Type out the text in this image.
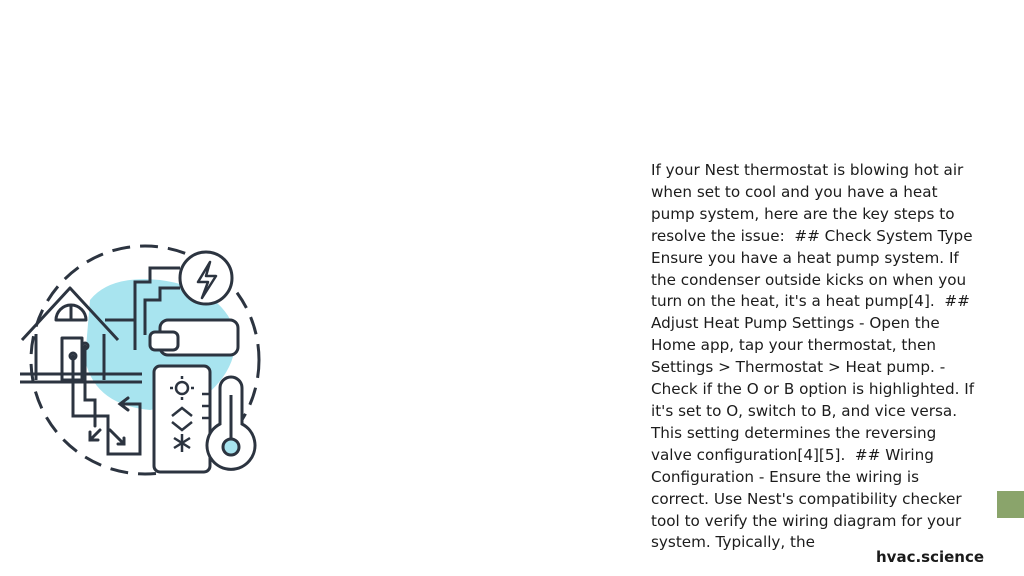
If your Nest thermostat is blowing hot air when set to cool and you have a heat pump system, here are the key steps to resolve the issue:  ## Check System Type Ensure you have a heat pump system. If the condenser outside kicks on when you turn on the heat, it's a heat pump[4].  ## Adjust Heat Pump Settings - Open the Home app, tap your thermostat, then Settings > Thermostat > Heat pump. - Check if the O or B option is highlighted. If it's set to O, switch to B, and vice versa. This setting determines the reversing valve configuration[4][5].  ## Wiring Configuration - Ensure the wiring is correct. Use Nest's compatibility checker tool to verify the wiring diagram for your system. Typically, the

hvac.science
